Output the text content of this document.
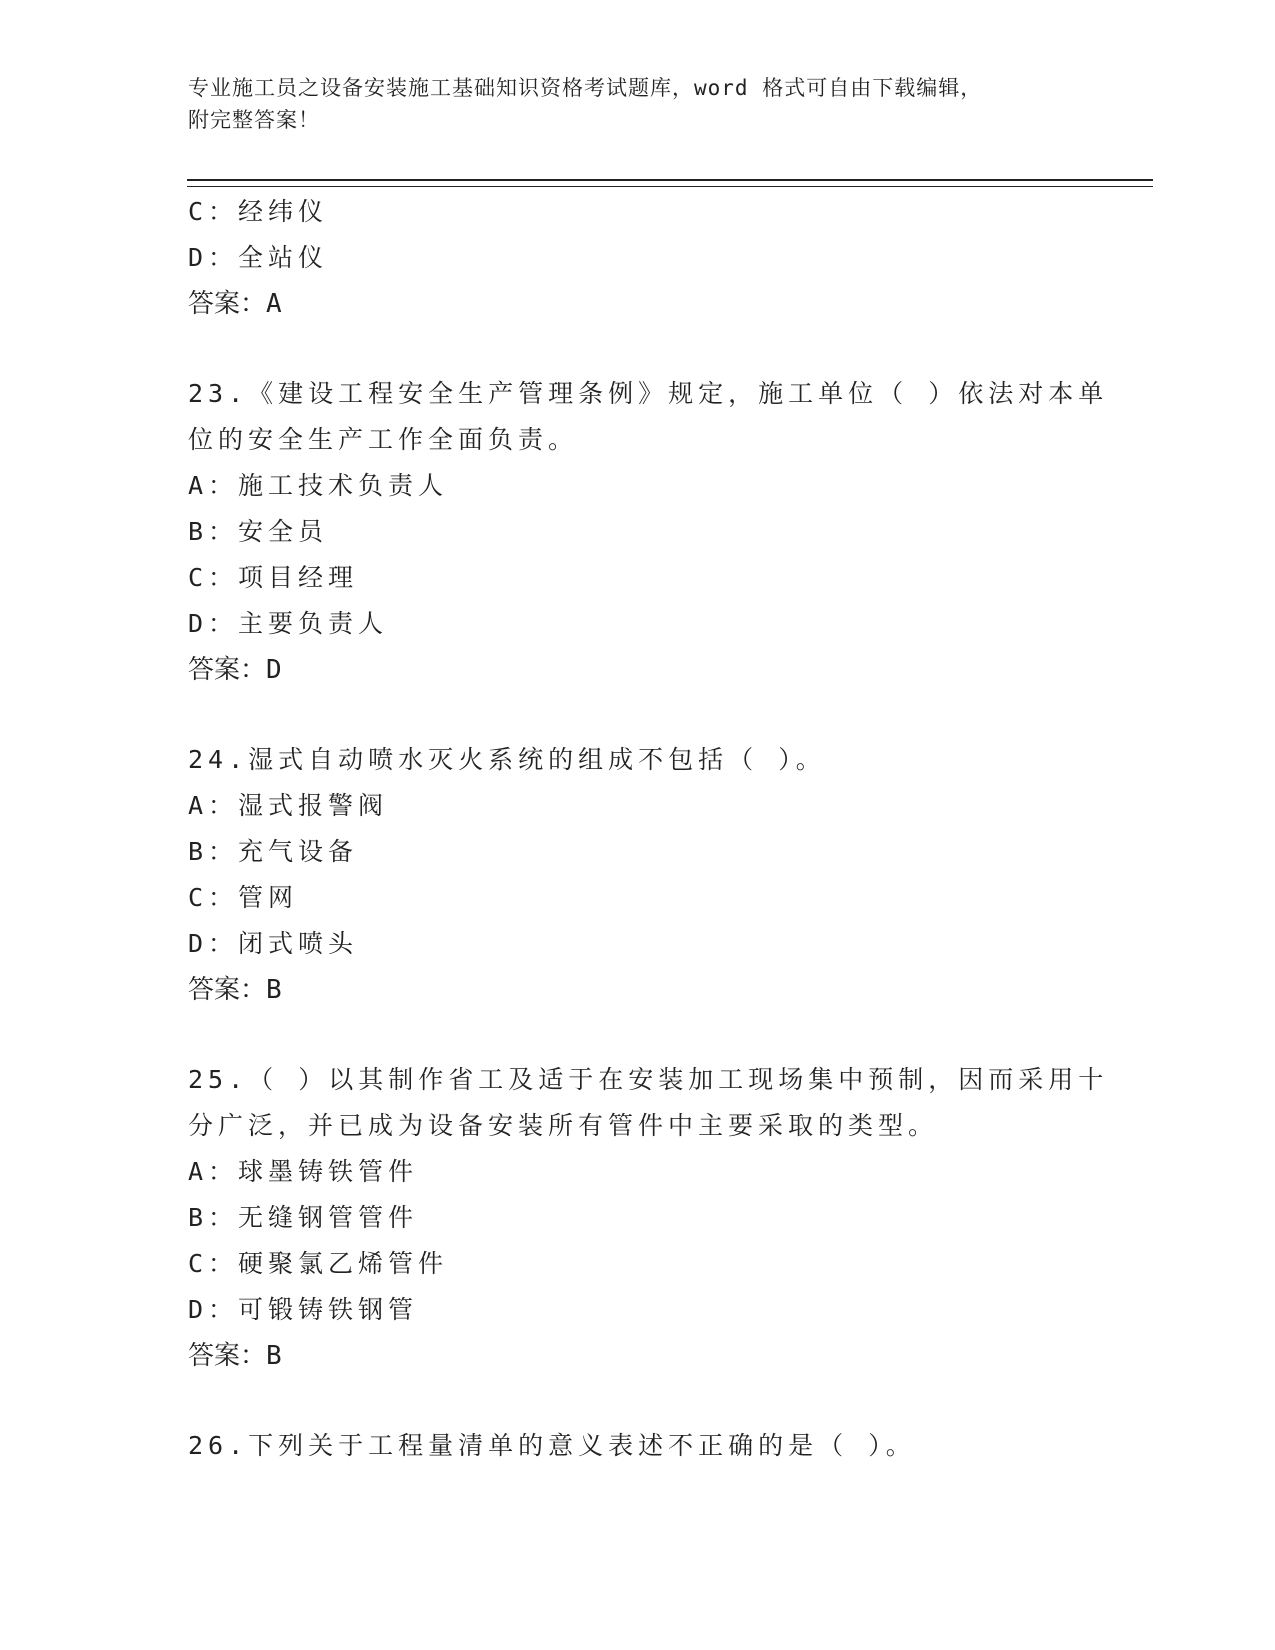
专业施工员之设备安装施工基础知识资格考试题库，word 格式可自由下载编辑，
附完整答案！
C：经纬仪
D：全站仪
答案：A
23.《建设工程安全生产管理条例》规定，施工单位（ ）依法对本单
位的安全生产工作全面负责。
A：施工技术负责人
B：安全员
C：项目经理
D：主要负责人
答案：D
24.湿式自动喷水灭火系统的组成不包括（ ）。
A：湿式报警阀
B：充气设备
C：管网
D：闭式喷头
答案：B
25.（ ）以其制作省工及适于在安装加工现场集中预制，因而采用十
分广泛，并已成为设备安装所有管件中主要采取的类型。
A：球墨铸铁管件
B：无缝钢管管件
C：硬聚氯乙烯管件
D：可锻铸铁钢管
答案：B
26.下列关于工程量清单的意义表述不正确的是（ ）。
